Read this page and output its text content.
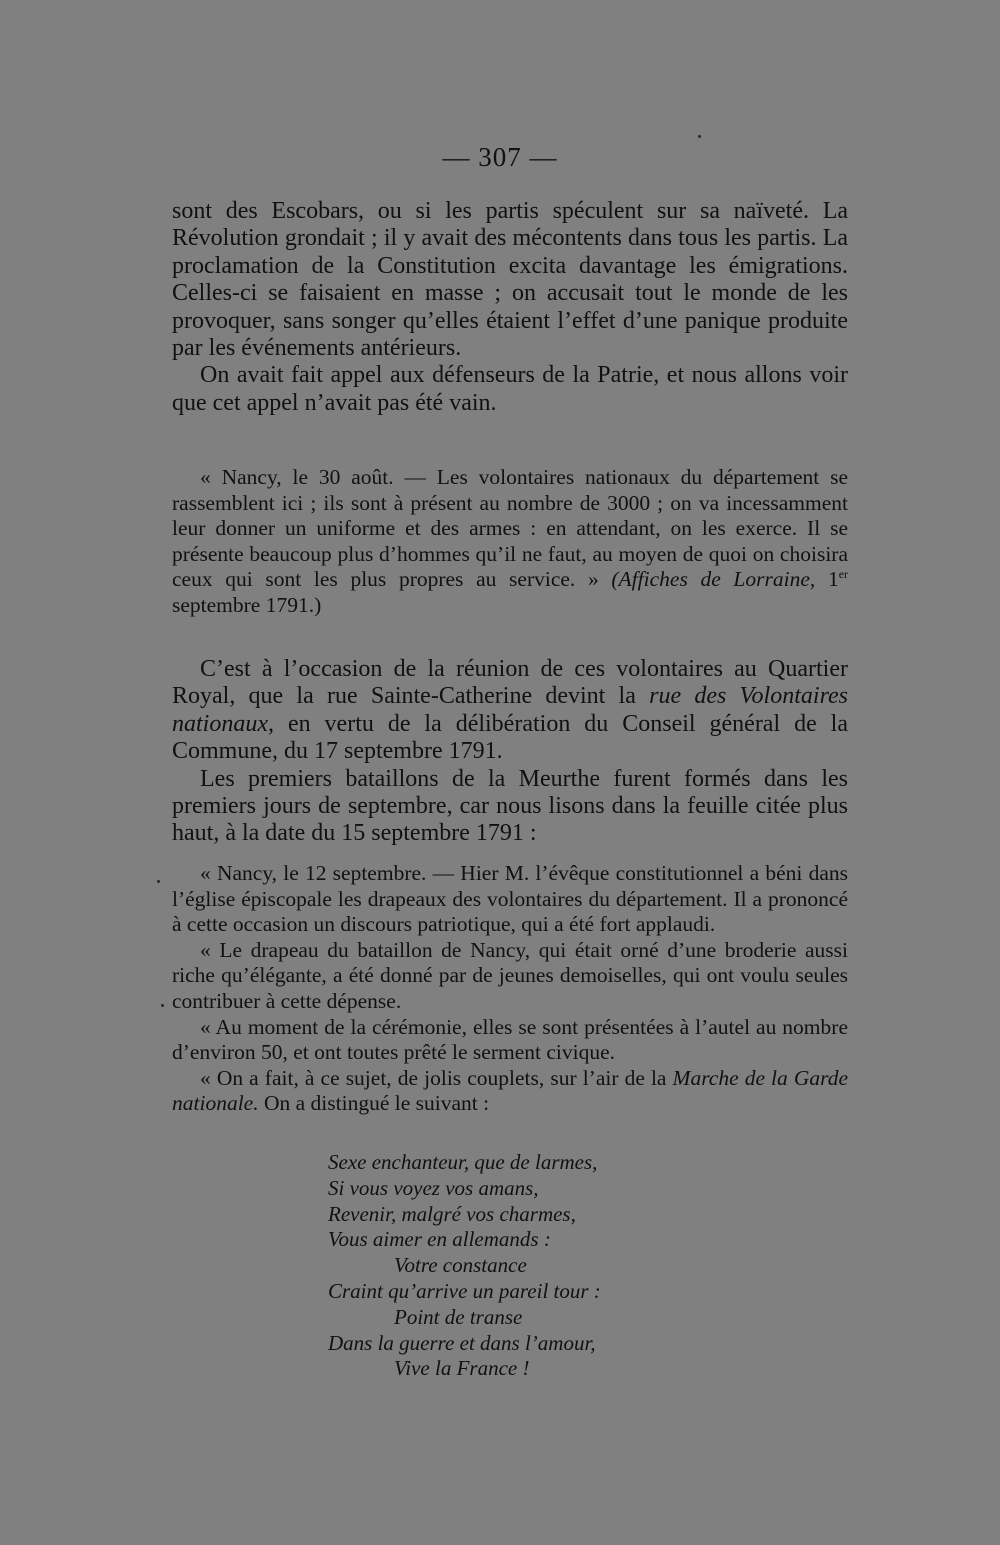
— 307 —

sont des Escobars, ou si les partis spéculent sur sa naïveté. La Révolution grondait ; il y avait des mécontents dans tous les partis. La proclamation de la Constitution excita davantage les émigrations. Celles-ci se faisaient en masse ; on accusait tout le monde de les provoquer, sans songer qu’elles étaient l’effet d’une panique produite par les événements antérieurs.

On avait fait appel aux défenseurs de la Patrie, et nous allons voir que cet appel n’avait pas été vain.

« Nancy, le 30 août. — Les volontaires nationaux du département se rassemblent ici ; ils sont à présent au nombre de 3000 ; on va incessamment leur donner un uniforme et des armes : en attendant, on les exerce. Il se présente beaucoup plus d’hommes qu’il ne faut, au moyen de quoi on choisira ceux qui sont les plus propres au service. » (Affiches de Lorraine, 1er septembre 1791.)

C’est à l’occasion de la réunion de ces volontaires au Quartier Royal, que la rue Sainte-Catherine devint la rue des Volontaires nationaux, en vertu de la délibération du Conseil général de la Commune, du 17 septembre 1791.

Les premiers bataillons de la Meurthe furent formés dans les premiers jours de septembre, car nous lisons dans la feuille citée plus haut, à la date du 15 septembre 1791 :

« Nancy, le 12 septembre. — Hier M. l’évêque constitutionnel a béni dans l’église épiscopale les drapeaux des volontaires du département. Il a prononcé à cette occasion un discours patriotique, qui a été fort applaudi.

« Le drapeau du bataillon de Nancy, qui était orné d’une broderie aussi riche qu’élégante, a été donné par de jeunes demoiselles, qui ont voulu seules contribuer à cette dépense.

« Au moment de la cérémonie, elles se sont présentées à l’autel au nombre d’environ 50, et ont toutes prêté le serment civique.

« On a fait, à ce sujet, de jolis couplets, sur l’air de la Marche de la Garde nationale. On a distingué le suivant :

Sexe enchanteur, que de larmes,
Si vous voyez vos amans,
Revenir, malgré vos charmes,
Vous aimer en allemands :
Votre constance
Craint qu’arrive un pareil tour :
Point de transe
Dans la guerre et dans l’amour,
Vive la France !
